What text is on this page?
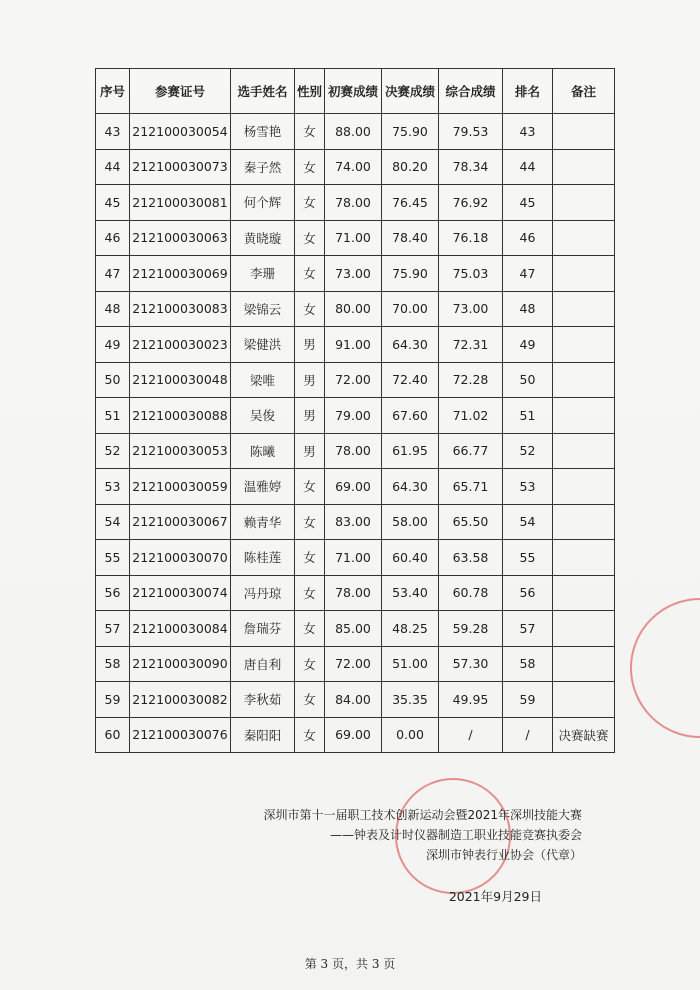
序号	参赛证号	选手姓名	性别	初赛成绩	决赛成绩	综合成绩	排名	备注
43	212100030054	杨雪艳	女	88.00	75.90	79.53	43	
44	212100030073	秦子然	女	74.00	80.20	78.34	44	
45	212100030081	何个辉	女	78.00	76.45	76.92	45	
46	212100030063	黄晓璇	女	71.00	78.40	76.18	46	
47	212100030069	李珊	女	73.00	75.90	75.03	47	
48	212100030083	梁锦云	女	80.00	70.00	73.00	48	
49	212100030023	梁健洪	男	91.00	64.30	72.31	49	
50	212100030048	梁唯	男	72.00	72.40	72.28	50	
51	212100030088	吴俊	男	79.00	67.60	71.02	51	
52	212100030053	陈曦	男	78.00	61.95	66.77	52	
53	212100030059	温雅婷	女	69.00	64.30	65.71	53	
54	212100030067	赖青华	女	83.00	58.00	65.50	54	
55	212100030070	陈桂莲	女	71.00	60.40	63.58	55	
56	212100030074	冯丹琼	女	78.00	53.40	60.78	56	
57	212100030084	詹瑞芬	女	85.00	48.25	59.28	57	
58	212100030090	唐自利	女	72.00	51.00	57.30	58	
59	212100030082	李秋茹	女	84.00	35.35	49.95	59	
60	212100030076	秦阳阳	女	69.00	0.00	/	/	决赛缺赛
深圳市第十一届职工技术创新运动会暨2021年深圳技能大赛
——钟表及计时仪器制造工职业技能竞赛执委会
深圳市钟表行业协会（代章）
2021年9月29日
第 3 页，共 3 页
